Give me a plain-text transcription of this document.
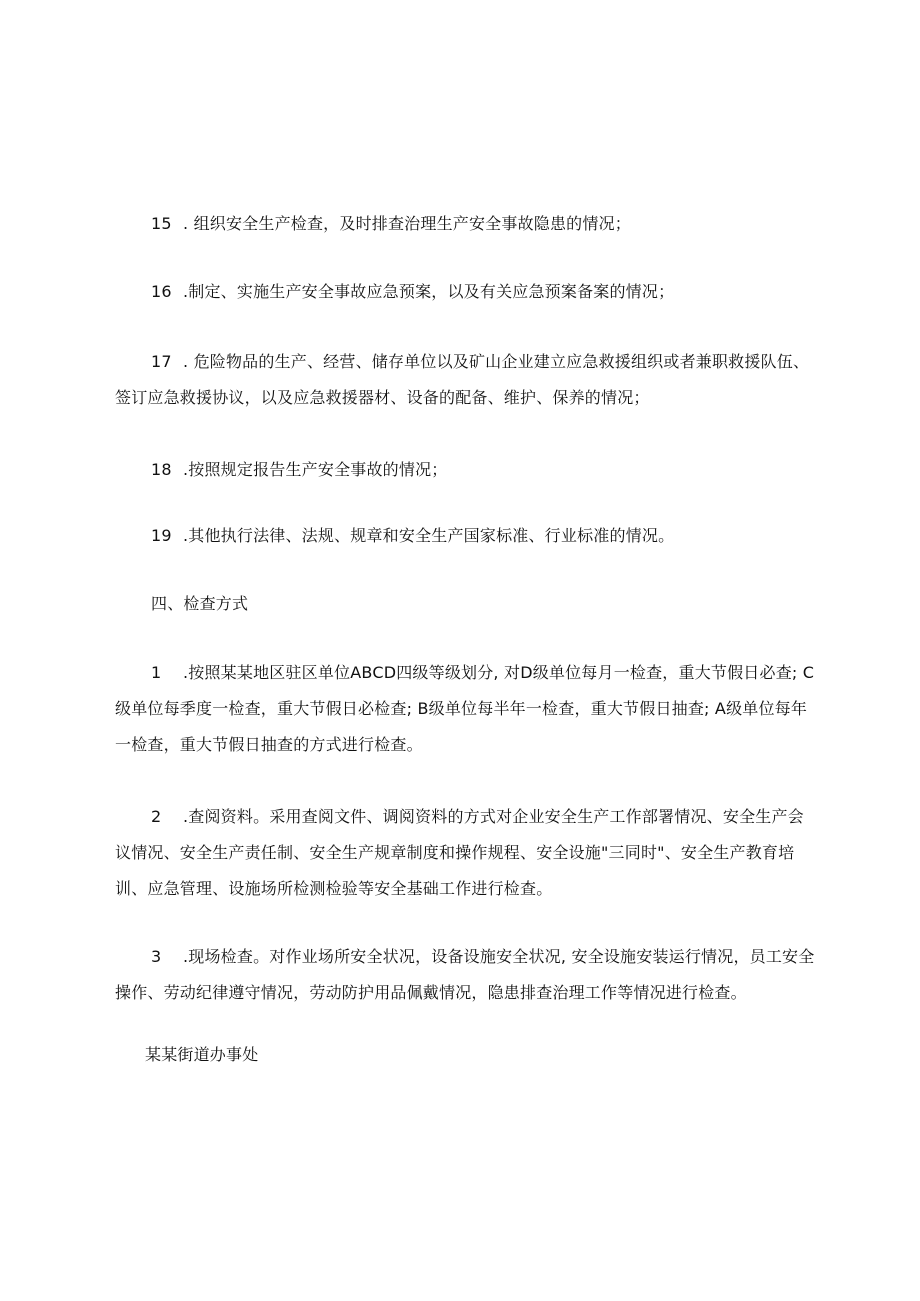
15 . 组织安全生产检查，及时排查治理生产安全事故隐患的情况；

16 .制定、实施生产安全事故应急预案，以及有关应急预案备案的情况；

17 . 危险物品的生产、经营、储存单位以及矿山企业建立应急救援组织或者兼职救援队伍、签订应急救援协议，以及应急救援器材、设备的配备、维护、保养的情况；

18 .按照规定报告生产安全事故的情况；

19 .其他执行法律、法规、规章和安全生产国家标准、行业标准的情况。

四、检查方式

1 .按照某某地区驻区单位ABCD四级等级划分, 对D级单位每月一检查，重大节假日必查; C级单位每季度一检查，重大节假日必检查; B级单位每半年一检查，重大节假日抽查; A级单位每年一检查，重大节假日抽查的方式进行检查。

2 .查阅资料。采用查阅文件、调阅资料的方式对企业安全生产工作部署情况、安全生产会议情况、安全生产责任制、安全生产规章制度和操作规程、安全设施"三同时"、安全生产教育培训、应急管理、设施场所检测检验等安全基础工作进行检查。

3 .现场检查。对作业场所安全状况，设备设施安全状况, 安全设施安装运行情况，员工安全操作、劳动纪律遵守情况，劳动防护用品佩戴情况，隐患排查治理工作等情况进行检查。

某某街道办事处
